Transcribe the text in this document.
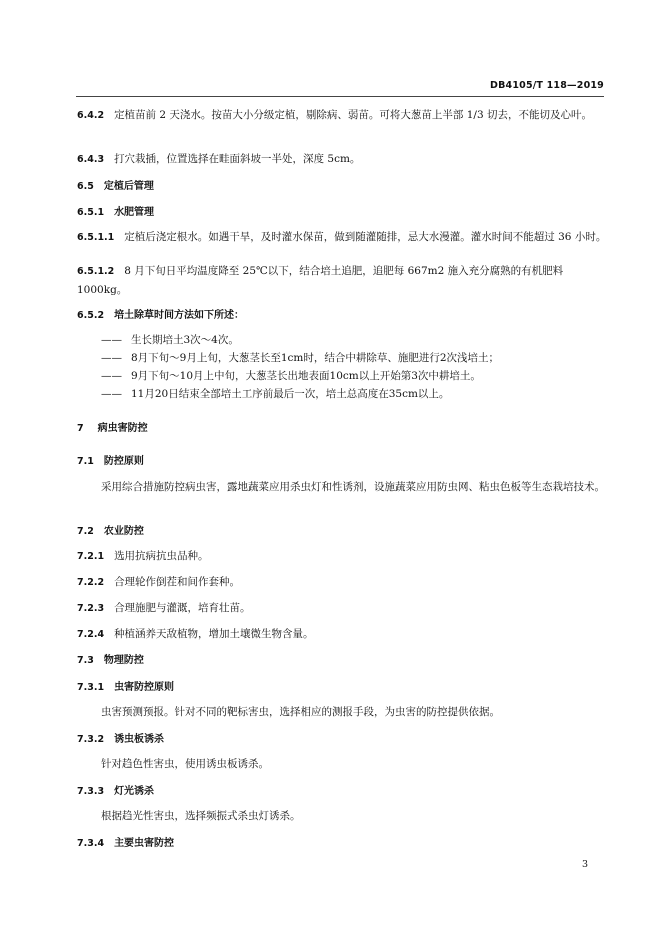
DB4105/T 118—2019
6.4.2 定植苗前 2 天浇水。按苗大小分级定植，剔除病、弱苗。可将大葱苗上半部 1/3 切去，不能切及心叶。
6.4.3 打穴栽插，位置选择在畦面斜坡一半处，深度 5cm。
6.5 定植后管理
6.5.1 水肥管理
6.5.1.1 定植后浇定根水。如遇干旱，及时灌水保苗，做到随灌随排，忌大水漫灌。灌水时间不能超过 36 小时。
6.5.1.2 8 月下旬日平均温度降至 25℃以下，结合培土追肥，追肥每 667m2 施入充分腐熟的有机肥料 1000kg。
6.5.2 培土除草时间方法如下所述：
—— 生长期培土3次～4次。
—— 8月下旬～9月上旬，大葱茎长至1cm时，结合中耕除草、施肥进行2次浅培土；
—— 9月下旬～10月上中旬，大葱茎长出地表面10cm以上开始第3次中耕培土。
—— 11月20日结束全部培土工序前最后一次，培土总高度在35cm以上。
7 病虫害防控
7.1 防控原则
采用综合措施防控病虫害，露地蔬菜应用杀虫灯和性诱剂，设施蔬菜应用防虫网、粘虫色板等生态栽培技术。
7.2 农业防控
7.2.1 选用抗病抗虫品种。
7.2.2 合理轮作倒茬和间作套种。
7.2.3 合理施肥与灌溉，培育壮苗。
7.2.4 种植涵养天敌植物，增加土壤微生物含量。
7.3 物理防控
7.3.1 虫害防控原则
虫害预测预报。针对不同的靶标害虫，选择相应的测报手段，为虫害的防控提供依据。
7.3.2 诱虫板诱杀
针对趋色性害虫，使用诱虫板诱杀。
7.3.3 灯光诱杀
根据趋光性害虫，选择频振式杀虫灯诱杀。
7.3.4 主要虫害防控
3
